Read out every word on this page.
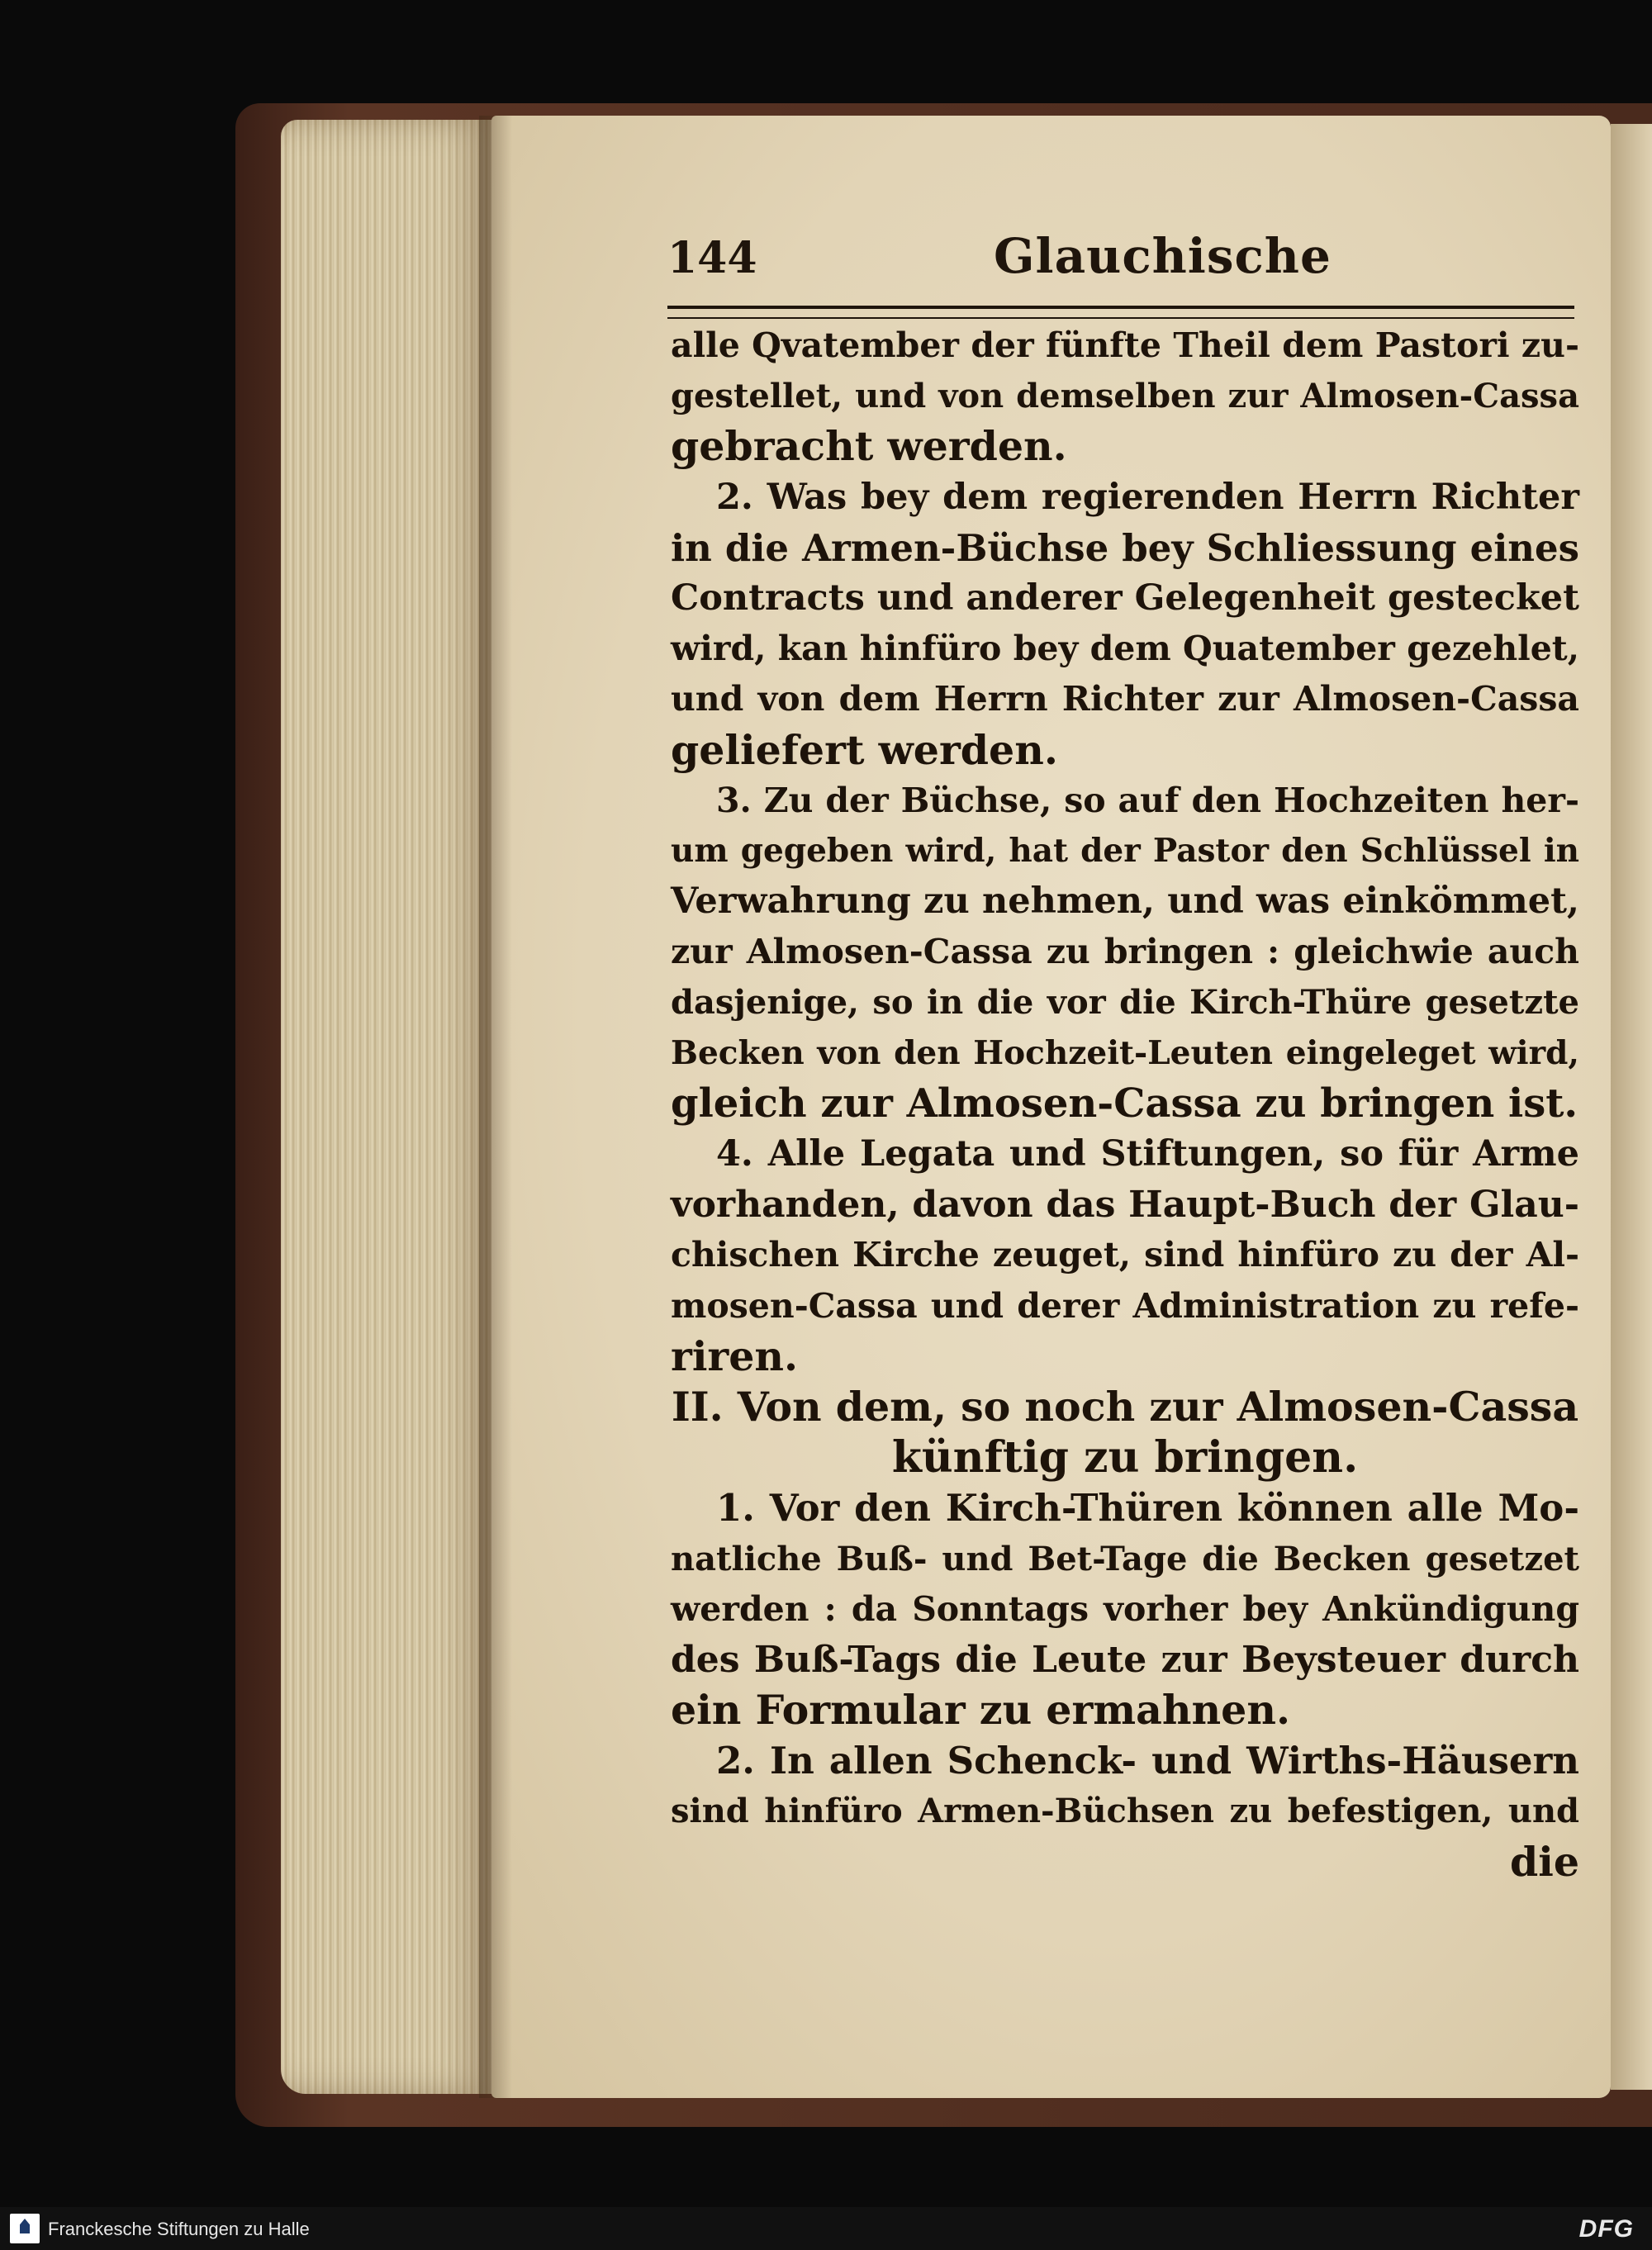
144	Glauchische
alle Qvatember der fünfte Theil dem Pastori zu-
gestellet, und von demselben zur Almosen-Cassa
gebracht werden.
2. Was bey dem regierenden Herrn Richter
in die Armen-Büchse bey Schliessung eines
Contracts und anderer Gelegenheit gestecket
wird, kan hinfüro bey dem Quatember gezehlet,
und von dem Herrn Richter zur Almosen-Cassa
geliefert werden.
3. Zu der Büchse, so auf den Hochzeiten her-
um gegeben wird, hat der Pastor den Schlüssel in
Verwahrung zu nehmen, und was einkömmet,
zur Almosen-Cassa zu bringen : gleichwie auch
dasjenige, so in die vor die Kirch-Thüre gesetzte
Becken von den Hochzeit-Leuten eingeleget wird,
gleich zur Almosen-Cassa zu bringen ist.
4. Alle Legata und Stiftungen, so für Arme
vorhanden, davon das Haupt-Buch der Glau-
chischen Kirche zeuget, sind hinfüro zu der Al-
mosen-Cassa und derer Administration zu refe-
riren.
II. Von dem, so noch zur Almosen-Cassa
künftig zu bringen.
1. Vor den Kirch-Thüren können alle Mo-
natliche Buß- und Bet-Tage die Becken gesetzet
werden : da Sonntags vorher bey Ankündigung
des Buß-Tags die Leute zur Beysteuer durch
ein Formular zu ermahnen.
2. In allen Schenck- und Wirths-Häusern
sind hinfüro Armen-Büchsen zu befestigen, und
die
Franckesche Stiftungen zu Halle	DFG
